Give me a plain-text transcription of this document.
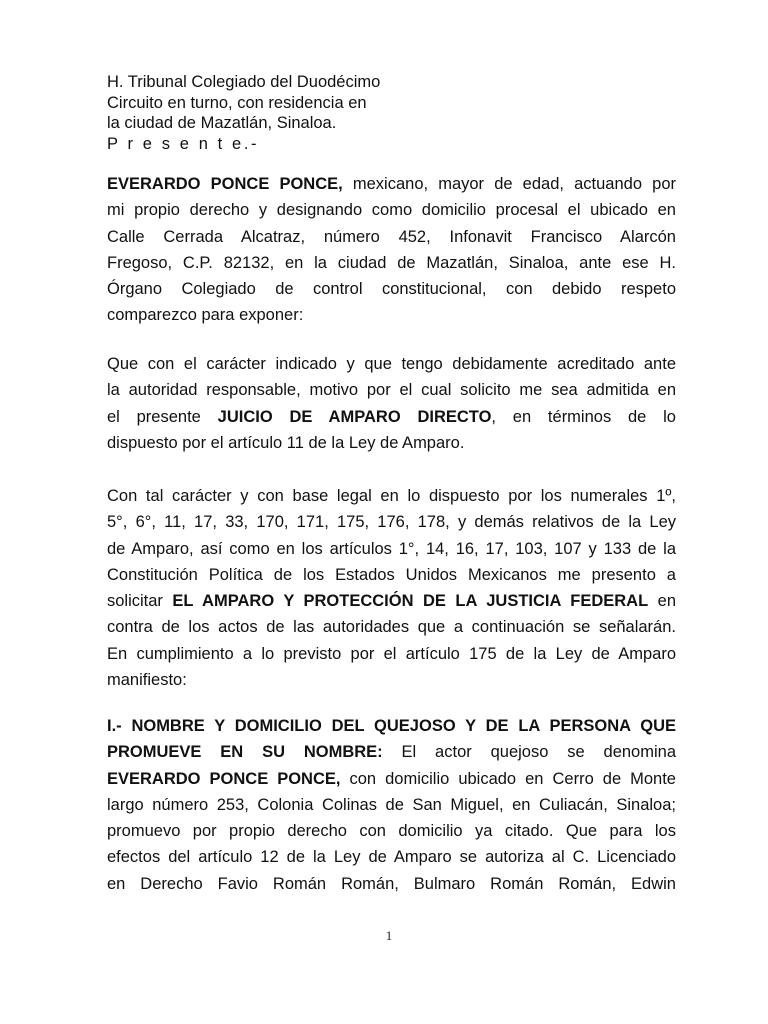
H. Tribunal Colegiado del Duodécimo
Circuito en turno, con residencia en
la ciudad de Mazatlán, Sinaloa.
P r e s e n t e.-
EVERARDO PONCE PONCE, mexicano, mayor de edad, actuando por
mi propio derecho y designando como domicilio procesal el ubicado en
Calle Cerrada Alcatraz, número 452, Infonavit Francisco Alarcón
Fregoso, C.P. 82132, en la ciudad de Mazatlán, Sinaloa, ante ese H.
Órgano Colegiado de control constitucional, con debido respeto
comparezco para exponer:
Que con el carácter indicado y que tengo debidamente acreditado ante
la autoridad responsable, motivo por el cual solicito me sea admitida en
el presente JUICIO DE AMPARO DIRECTO, en términos de lo
dispuesto por el artículo 11 de la Ley de Amparo.
Con tal carácter y con base legal en lo dispuesto por los numerales 1º,
5°, 6°, 11, 17, 33, 170, 171, 175, 176, 178, y demás relativos de la Ley
de Amparo, así como en los artículos 1°, 14, 16, 17, 103, 107 y 133 de la
Constitución Política de los Estados Unidos Mexicanos me presento a
solicitar EL AMPARO Y PROTECCIÓN DE LA JUSTICIA FEDERAL en
contra de los actos de las autoridades que a continuación se señalarán.
En cumplimiento a lo previsto por el artículo 175 de la Ley de Amparo
manifiesto:
I.- NOMBRE Y DOMICILIO DEL QUEJOSO Y DE LA PERSONA QUE
PROMUEVE EN SU NOMBRE: El actor quejoso se denomina
EVERARDO PONCE PONCE, con domicilio ubicado en Cerro de Monte
largo número 253, Colonia Colinas de San Miguel, en Culiacán, Sinaloa;
promuevo por propio derecho con domicilio ya citado. Que para los
efectos del artículo 12 de la Ley de Amparo se autoriza al C. Licenciado
en Derecho Favio Román Román, Bulmaro Román Román, Edwin
1
